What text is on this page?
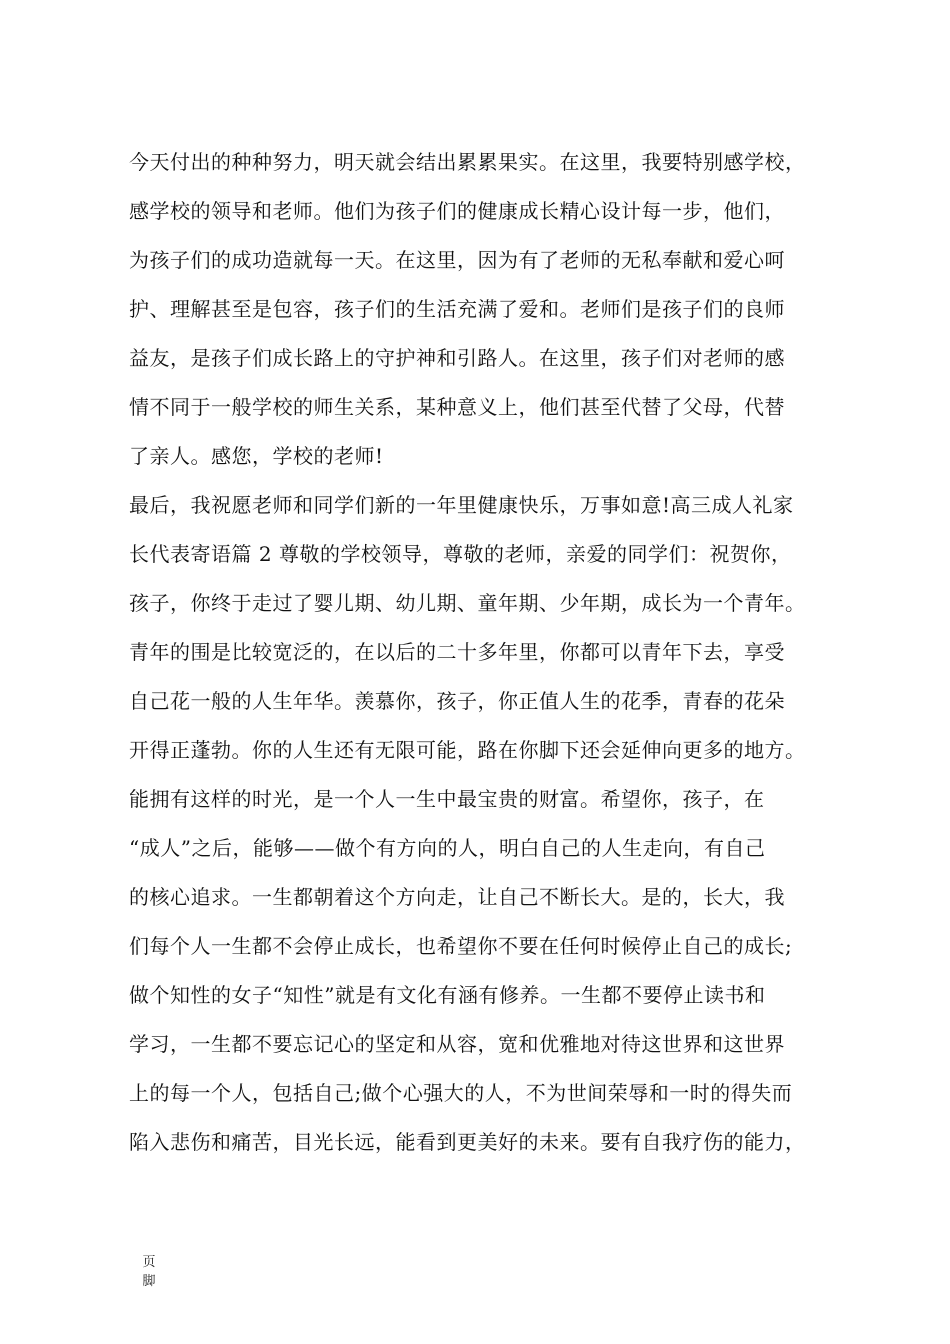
今天付出的种种努力，明天就会结出累累果实。在这里，我要特别感学校，
感学校的领导和老师。他们为孩子们的健康成长精心设计每一步，他们，
为孩子们的成功造就每一天。在这里，因为有了老师的无私奉献和爱心呵
护、理解甚至是包容，孩子们的生活充满了爱和。老师们是孩子们的良师
益友，是孩子们成长路上的守护神和引路人。在这里，孩子们对老师的感
情不同于一般学校的师生关系，某种意义上，他们甚至代替了父母，代替
了亲人。感您，学校的老师!
最后，我祝愿老师和同学们新的一年里健康快乐，万事如意!高三成人礼家
长代表寄语篇 2 尊敬的学校领导，尊敬的老师，亲爱的同学们：祝贺你，
孩子，你终于走过了婴儿期、幼儿期、童年期、少年期，成长为一个青年。
青年的围是比较宽泛的，在以后的二十多年里，你都可以青年下去，享受
自己花一般的人生年华。羡慕你，孩子，你正值人生的花季，青春的花朵
开得正蓬勃。你的人生还有无限可能，路在你脚下还会延伸向更多的地方。
能拥有这样的时光，是一个人一生中最宝贵的财富。希望你，孩子，在
“成人”之后，能够——做个有方向的人，明白自己的人生走向，有自己
的核心追求。一生都朝着这个方向走，让自己不断长大。是的，长大，我
们每个人一生都不会停止成长，也希望你不要在任何时候停止自己的成长;
做个知性的女子“知性”就是有文化有涵有修养。一生都不要停止读书和
学习，一生都不要忘记心的坚定和从容，宽和优雅地对待这世界和这世界
上的每一个人，包括自己;做个心强大的人，不为世间荣辱和一时的得失而
陷入悲伤和痛苦，目光长远，能看到更美好的未来。要有自我疗伤的能力，
页
脚
